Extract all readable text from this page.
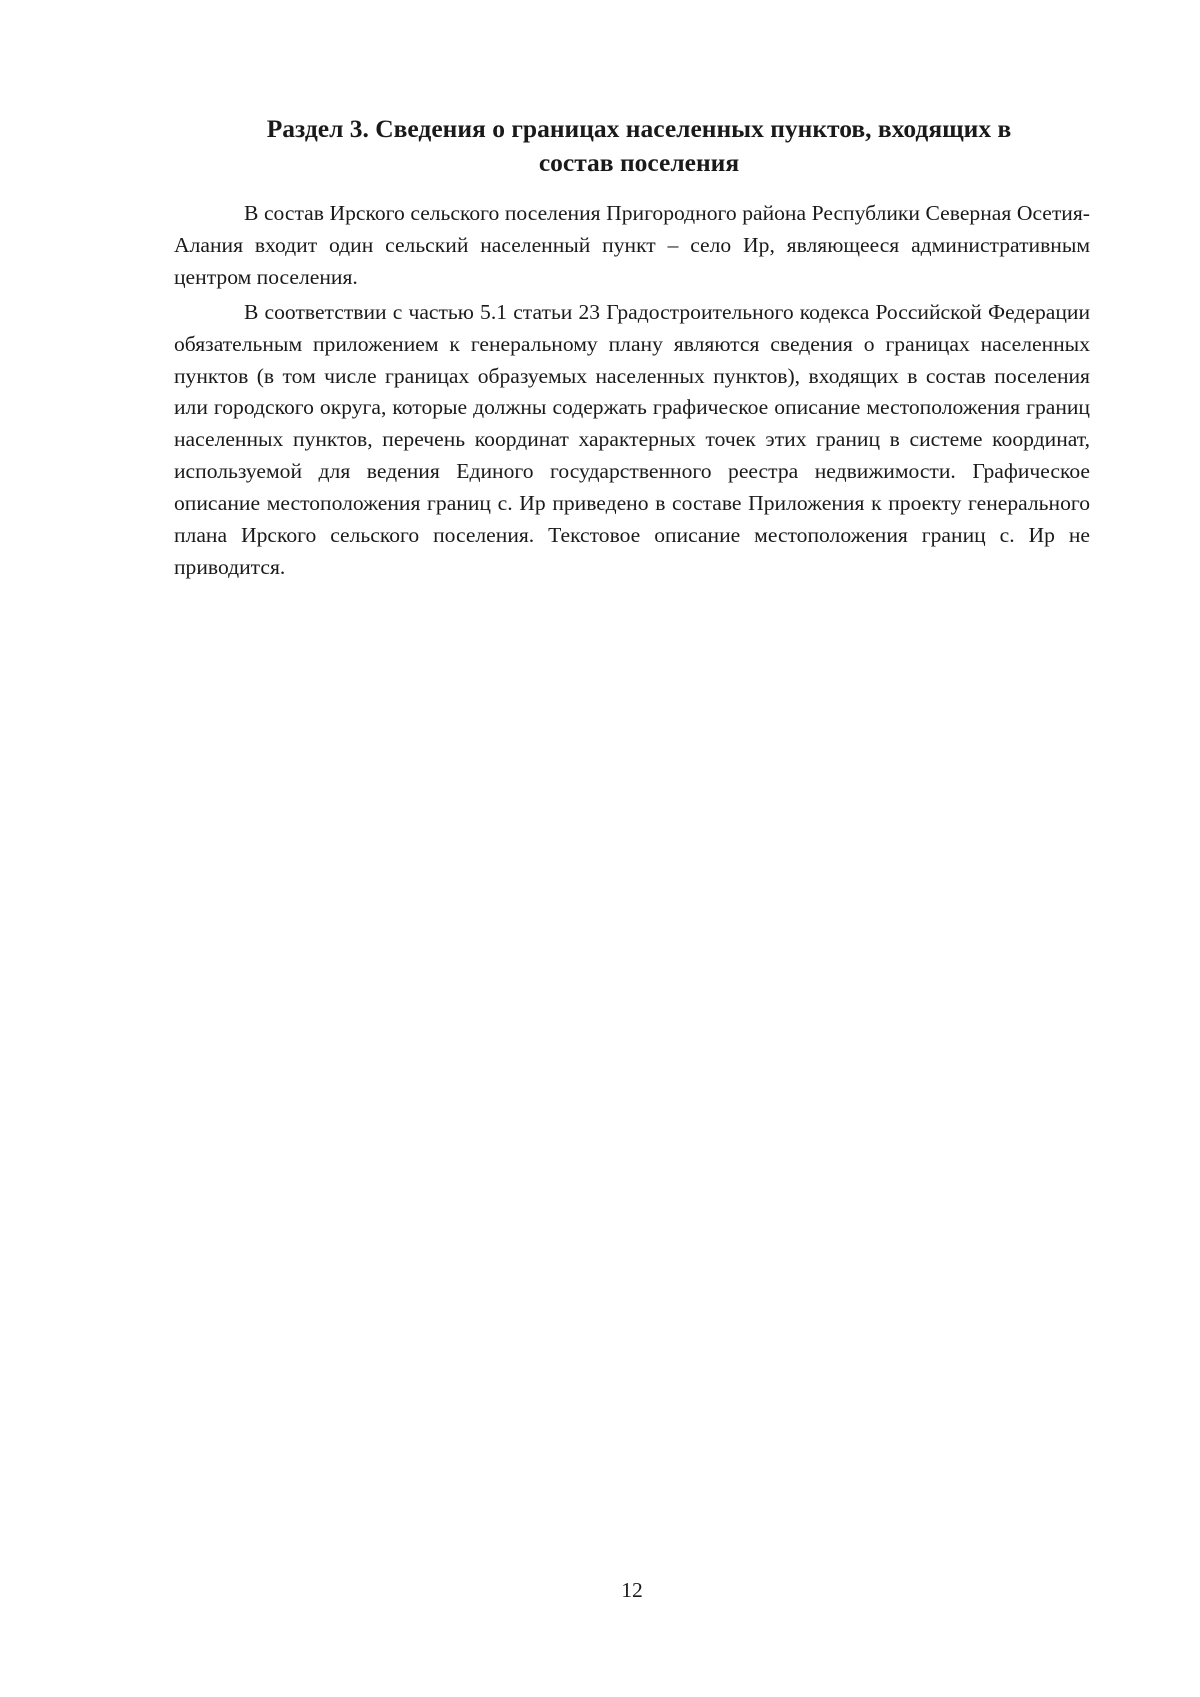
Раздел 3. Сведения о границах населенных пунктов, входящих в
состав поселения

В состав Ирского сельского поселения Пригородного района Республики Северная Осетия-Алания входит один сельский населенный пункт – село Ир, являющееся административным центром поселения.

В соответствии с частью 5.1 статьи 23 Градостроительного кодекса Российской Федерации обязательным приложением к генеральному плану являются сведения о границах населенных пунктов (в том числе границах образуемых населенных пунктов), входящих в состав поселения или городского округа, которые должны содержать графическое описание местоположения границ населенных пунктов, перечень координат характерных точек этих границ в системе координат, используемой для ведения Единого государственного реестра недвижимости. Графическое описание местоположения границ с. Ир приведено в составе Приложения к проекту генерального плана Ирского сельского поселения. Текстовое описание местоположения границ с. Ир не приводится.

12
